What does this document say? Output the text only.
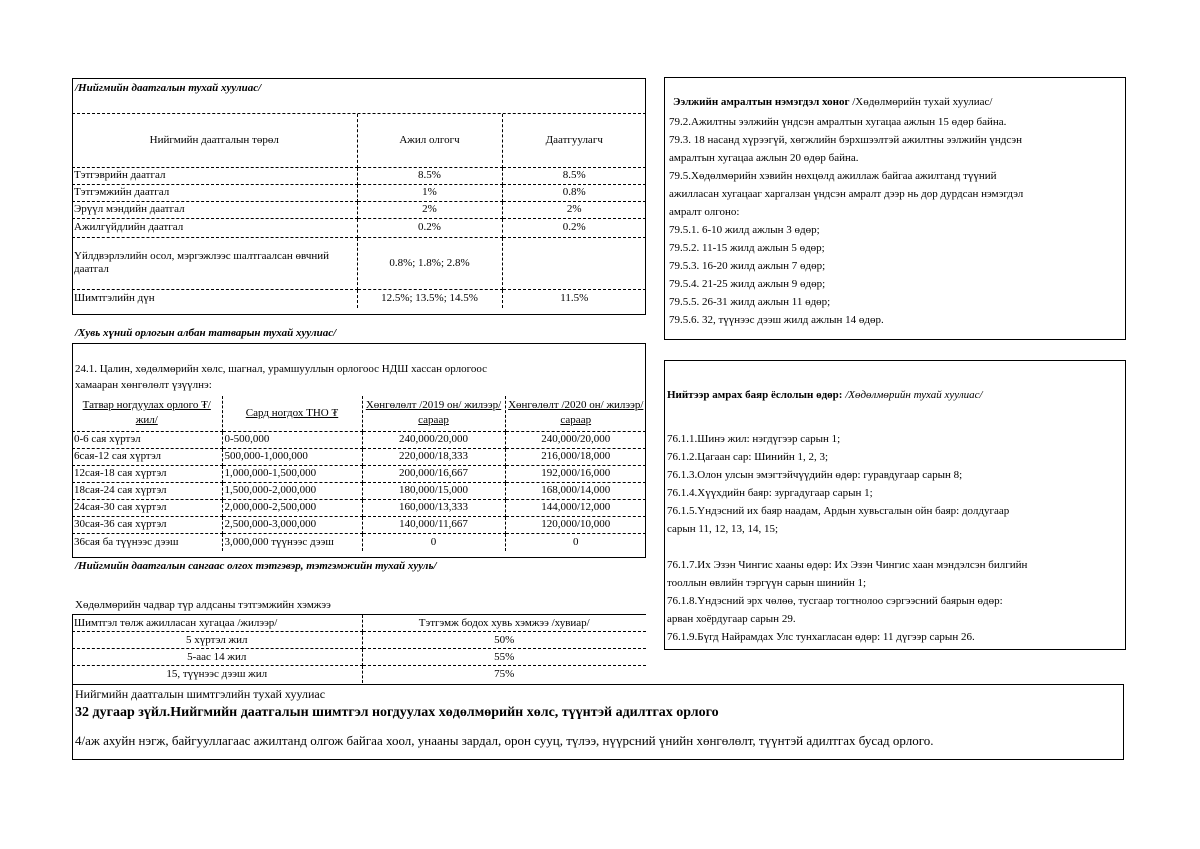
/Нийгмийн даатгалын тухай хуулиас/
Нийгмийн даатгалын төрөл	Ажил олгогч	Даатгуулагч
Тэтгэврийн даатгал	8.5%	8.5%
Тэтгэмжийн даатгал	1%	0.8%
Эрүүл мэндийн даатгал	2%	2%
Ажилгүйдлийн даатгал	0.2%	0.2%
Үйлдвэрлэлийн осол, мэргэжлээс шалтгаалсан өвчний даатгал	0.8%; 1.8%; 2.8%	
Шимтгэлийн дүн	12.5%; 13.5%; 14.5%	11.5%
/Хувь хүний орлогын албан татварын тухай хуулиас/
24.1. Цалин, хөдөлмөрийн хөлс, шагнал, урамшууллын орлогоос НДШ хассан орлогоос
хамааран хөнгөлөлт үзүүлнэ:
Татвар ногдуулах орлого ₮/жил/	Сард ногдох ТНО ₮	Хөнгөлөлт /2019 он/ жилээр/ сараар	Хөнгөлөлт /2020 он/ жилээр/ сараар
0-6 сая хүртэл	0-500,000	240,000/20,000	240,000/20,000
6сая-12 сая хүртэл	500,000-1,000,000	220,000/18,333	216,000/18,000
12сая-18 сая хүртэл	1,000,000-1,500,000	200,000/16,667	192,000/16,000
18сая-24 сая хүртэл	1,500,000-2,000,000	180,000/15,000	168,000/14,000
24сая-30 сая хүртэл	2,000,000-2,500,000	160,000/13,333	144,000/12,000
30сая-36 сая хүртэл	2,500,000-3,000,000	140,000/11,667	120,000/10,000
36сая ба түүнээс дээш	3,000,000 түүнээс дээш	0	0
/Нийгмийн даатгалын сангаас олгох тэтгэвэр, тэтгэмжийн тухай хууль/
Хөдөлмөрийн чадвар түр алдсаны тэтгэмжийн хэмжээ
Шимтгэл төлж ажилласан хугацаа /жилээр/	Тэтгэмж бодох хувь хэмжээ /хувиар/
5 хүртэл жил	50%
5-аас 14 жил	55%
15, түүнээс дээш жил	75%
Нийгмийн даатгалын шимтгэлийн тухай хуулиас
32 дугаар зүйл.Нийгмийн даатгалын шимтгэл ногдуулах хөдөлмөрийн хөлс, түүнтэй адилтгах орлого
4/аж ахуйн нэгж, байгууллагаас ажилтанд олгож байгаа хоол, унааны зардал, орон сууц, түлээ, нүүрсний үнийн хөнгөлөлт, түүнтэй адилтгах бусад орлого.
Ээлжийн амралтын нэмэгдэл хоног /Хөдөлмөрийн тухай хуулиас/
79.2.Ажилтны ээлжийн үндсэн амралтын хугацаа ажлын 15 өдөр байна.
79.3. 18 насанд хүрээгүй, хөгжлийн бэрхшээлтэй ажилтны ээлжийн үндсэн
амралтын хугацаа ажлын 20 өдөр байна.
79.5.Хөдөлмөрийн хэвийн нөхцөлд ажиллаж байгаа ажилтанд түүний
ажилласан хугацааг харгалзан үндсэн амралт дээр нь дор дурдсан нэмэгдэл
амралт олгоно:
79.5.1. 6-10 жилд ажлын 3 өдөр;
79.5.2. 11-15 жилд ажлын 5 өдөр;
79.5.3. 16-20 жилд ажлын 7 өдөр;
79.5.4. 21-25 жилд ажлын 9 өдөр;
79.5.5. 26-31 жилд ажлын 11 өдөр;
79.5.6. 32, түүнээс дээш жилд ажлын 14 өдөр.
Нийтээр амрах баяр ёслолын өдөр: /Хөдөлмөрийн тухай хуулиас/
76.1.1.Шинэ жил: нэгдүгээр сарын 1;
76.1.2.Цагаан сар: Шинийн 1, 2, 3;
76.1.3.Олон улсын эмэгтэйчүүдийн өдөр: гуравдугаар сарын 8;
76.1.4.Хүүхдийн баяр: зургадугаар сарын 1;
76.1.5.Үндэсний их баяр наадам, Ардын хувьсгалын ойн баяр: долдугаар
сарын 11, 12, 13, 14, 15;
76.1.7.Их Эзэн Чингис хааны өдөр: Их Эзэн Чингис хаан мэндэлсэн билгийн
тооллын өвлийн тэргүүн сарын шинийн 1;
76.1.8.Үндэсний эрх чөлөө, тусгаар тогтнолоо сэргээсний баярын өдөр:
арван хоёрдугаар сарын 29.
76.1.9.Бүгд Найрамдах Улс тунхагласан өдөр: 11 дүгээр сарын 26.
